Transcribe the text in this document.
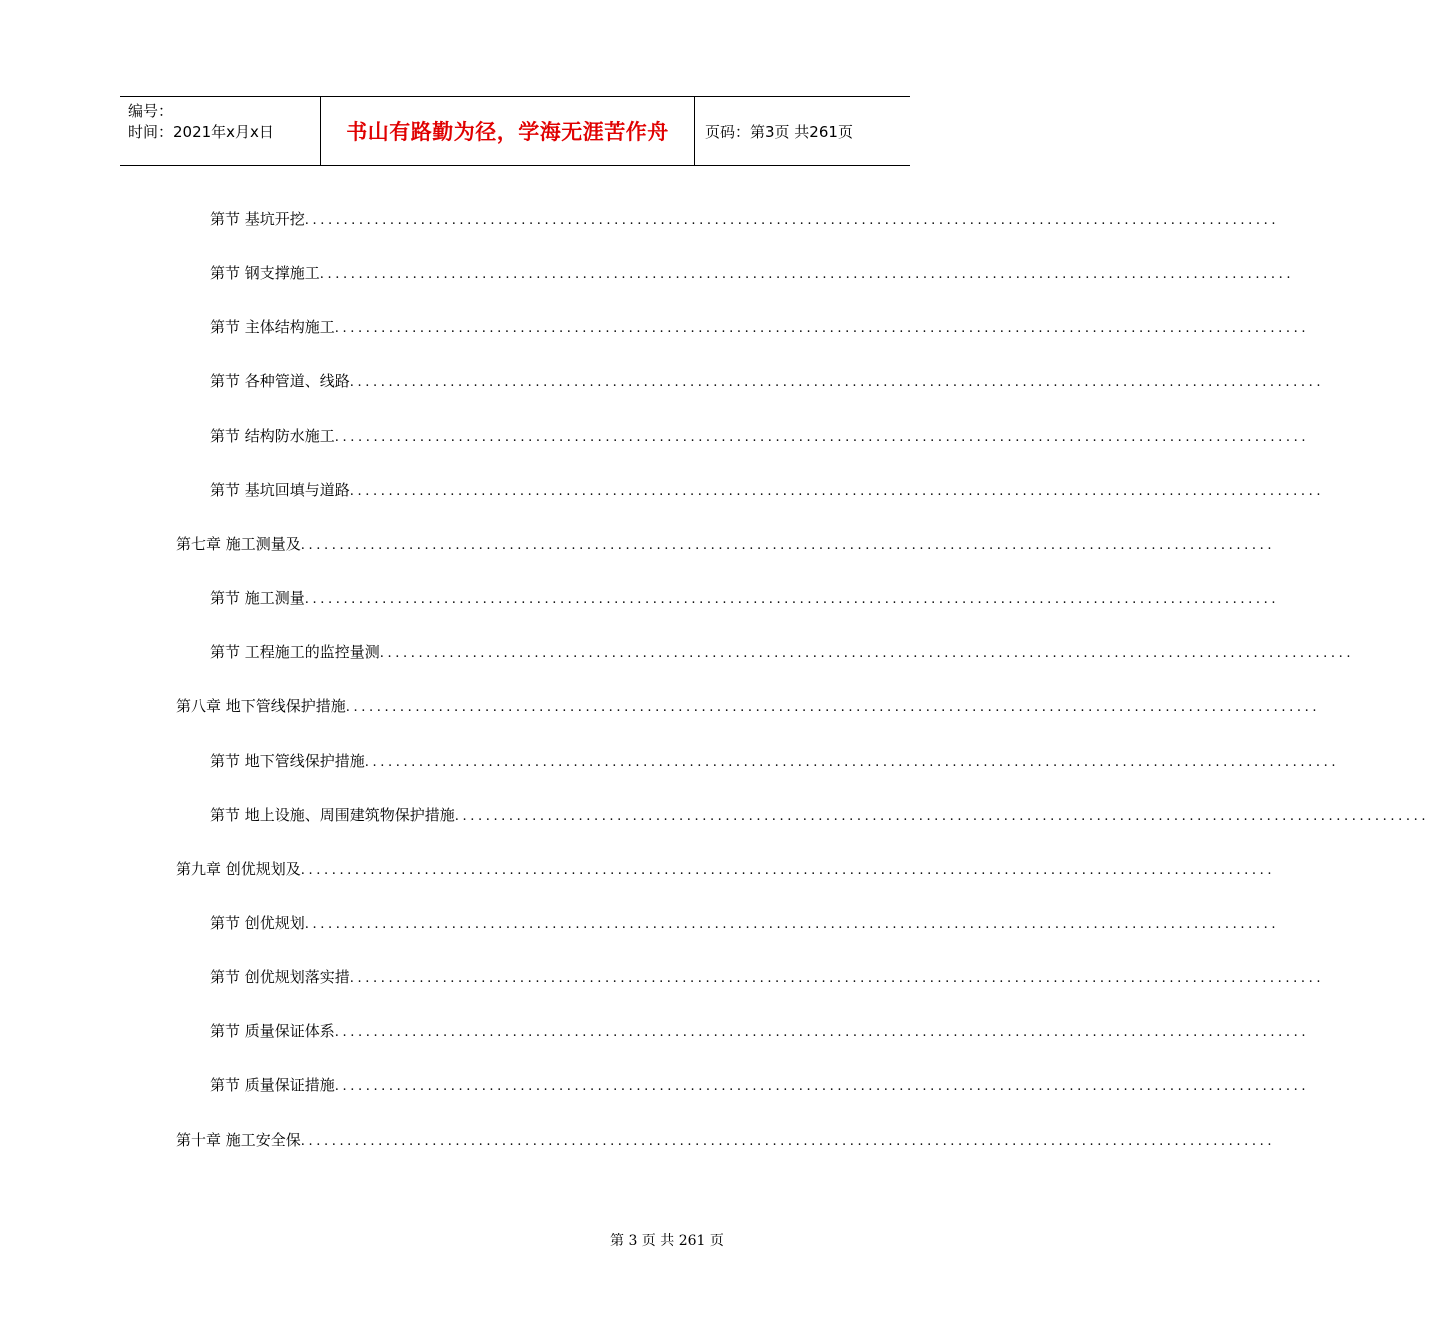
编号：
时间：2021年x月x日	书山有路勤为径，学海无涯苦作舟	页码：第3页 共261页
第节 基坑开挖 ..............................................................................................................................
第节 钢支撑施工 ..............................................................................................................................
第节 主体结构施工 ..............................................................................................................................
第节 各种管道、线路 ..............................................................................................................................
第节 结构防水施工 ..............................................................................................................................
第节 基坑回填与道路 ..............................................................................................................................
第七章 施工测量及 ..............................................................................................................................
第节 施工测量 ..............................................................................................................................
第节 工程施工的监控量测 ..............................................................................................................................
第八章 地下管线保护措施 ..............................................................................................................................
第节 地下管线保护措施 ..............................................................................................................................
第节 地上设施、周围建筑物保护措施 ..............................................................................................................................
第九章 创优规划及 ..............................................................................................................................
第节 创优规划 ..............................................................................................................................
第节 创优规划落实措 ..............................................................................................................................
第节 质量保证体系 ..............................................................................................................................
第节 质量保证措施 ..............................................................................................................................
第十章 施工安全保 ..............................................................................................................................
第 3 页 共 261 页
